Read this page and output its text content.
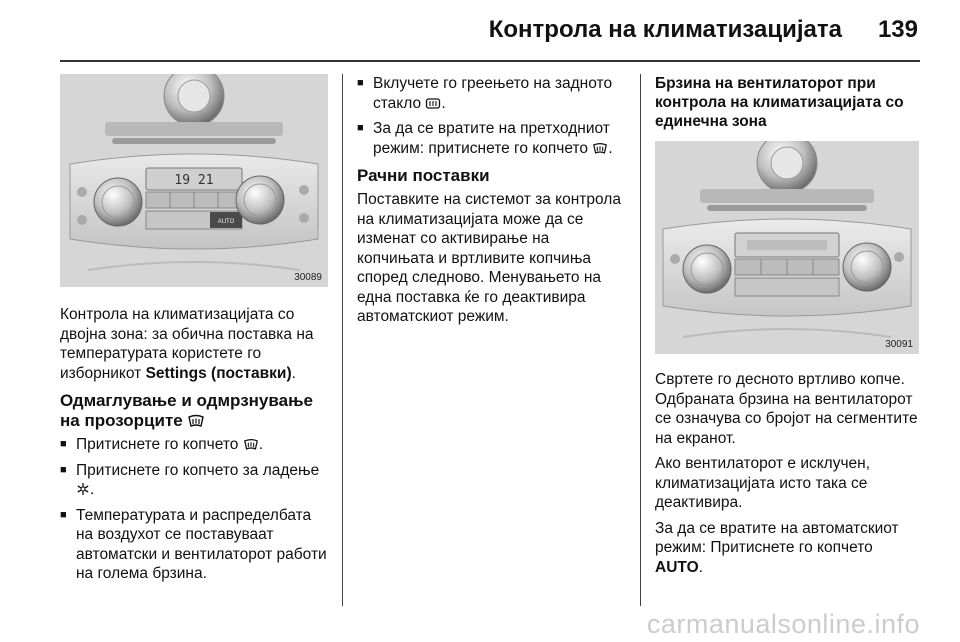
Контрола на климатизацијата 139
19 21
AUTO
30089

Контрола на климатизацијата со двојна зона: за обична поставка на температурата користете го изборникот Settings (поставки).

Одмаглување и одмрзнување на прозорците
■ Притиснете го копчето .
■ Притиснете го копчето за ладење .
■ Температурата и распределбата на воздухот се поставуваат автоматски и вентилаторот работи на голема брзина.
■ Вклучете го греењето на задното стакло .
■ За да се вратите на претходниот режим: притиснете го копчето .
Рачни поставки

Поставките на системот за контрола на климатизацијата може да се изменат со активирање на копчињата и вртливите копчиња според следново. Менувањето на една поставка ќе го деактивира автоматскиот режим.

Брзина на вентилаторот при контрола на климатизацијата со единечна зона
30091

Свртете го десното вртливо копче. Одбраната брзина на вентилаторот се означува со бројот на сегментите на екранот.

Ако вентилаторот е исклучен, климатизацијата исто така се деактивира.

За да се вратите на автоматскиот режим: Притиснете го копчето AUTO.

carmanualsonline.info
